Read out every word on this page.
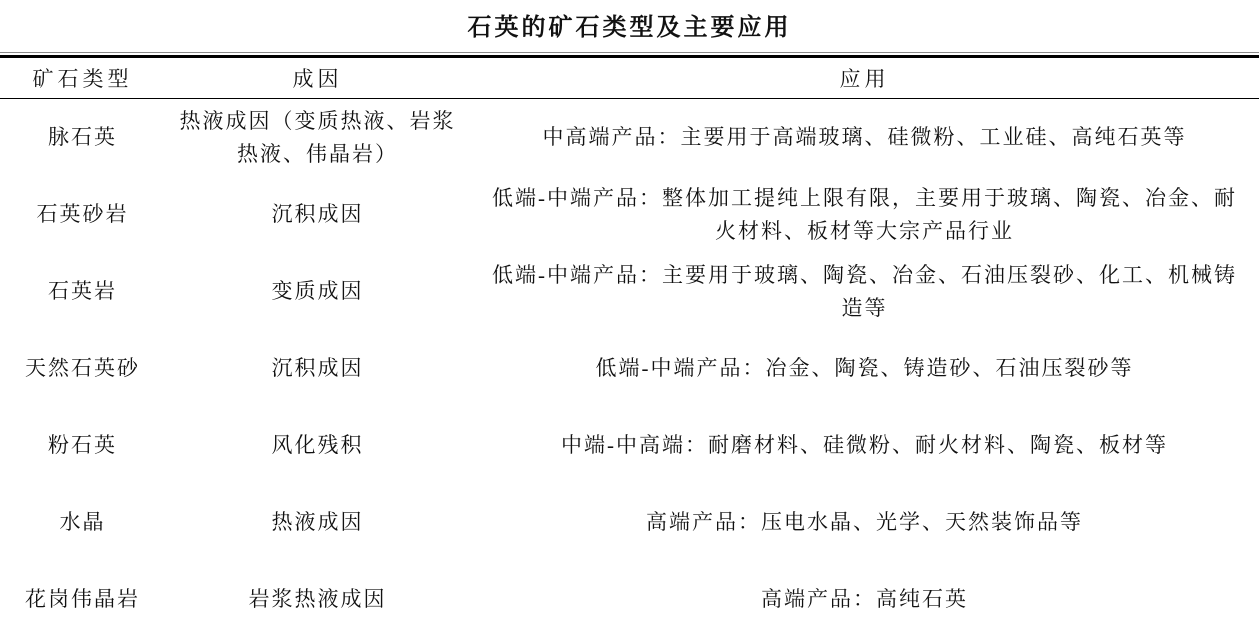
石英的矿石类型及主要应用
矿石类型	成因	应用
脉石英	热液成因（变质热液、岩浆热液、伟晶岩）	中高端产品：主要用于高端玻璃、硅微粉、工业硅、高纯石英等
石英砂岩	沉积成因	低端-中端产品：整体加工提纯上限有限，主要用于玻璃、陶瓷、冶金、耐火材料、板材等大宗产品行业
石英岩	变质成因	低端-中端产品：主要用于玻璃、陶瓷、冶金、石油压裂砂、化工、机械铸造等
天然石英砂	沉积成因	低端-中端产品：冶金、陶瓷、铸造砂、石油压裂砂等
粉石英	风化残积	中端-中高端：耐磨材料、硅微粉、耐火材料、陶瓷、板材等
水晶	热液成因	高端产品：压电水晶、光学、天然装饰品等
花岗伟晶岩	岩浆热液成因	高端产品：高纯石英
